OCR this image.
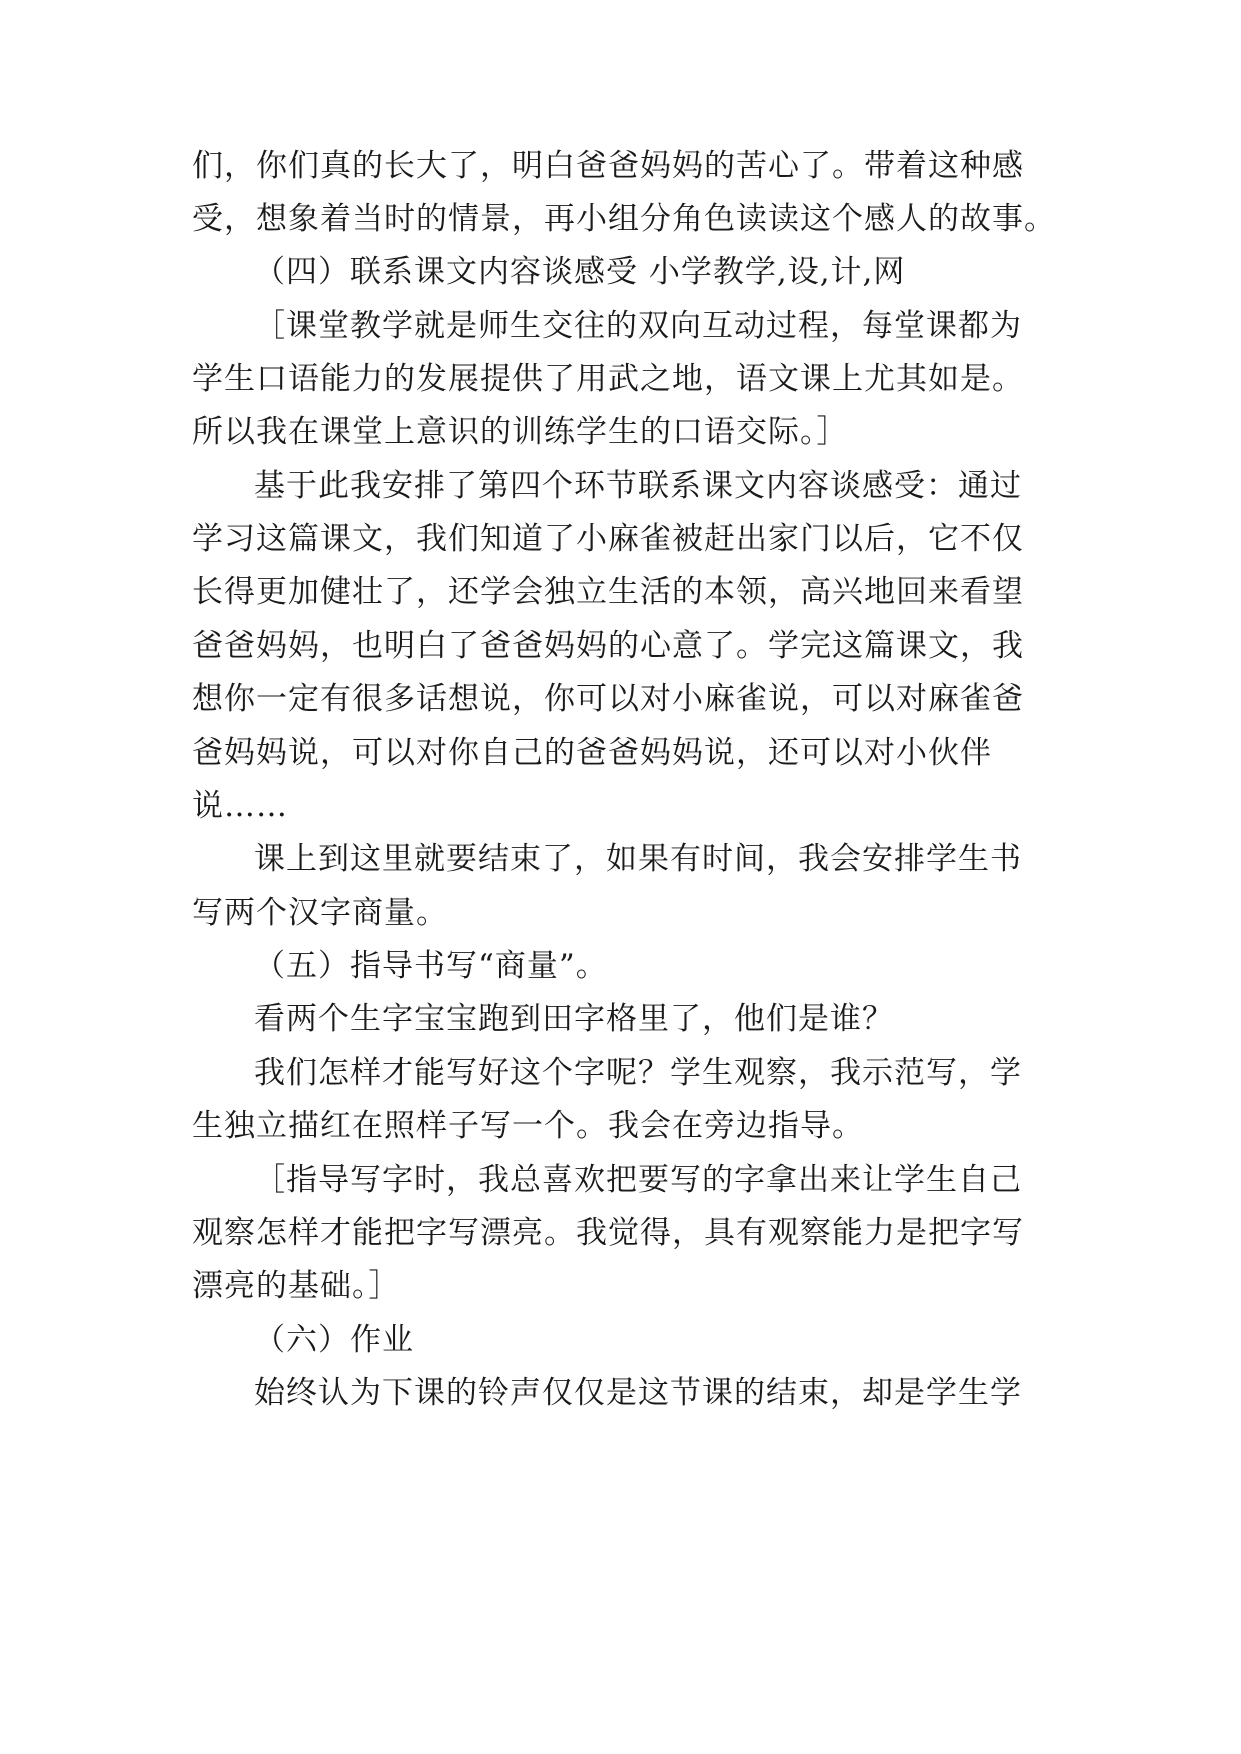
们，你们真的长大了，明白爸爸妈妈的苦心了。带着这种感
受，想象着当时的情景，再小组分角色读读这个感人的故事。
（四）联系课文内容谈感受 小学教学,设,计,网
［课堂教学就是师生交往的双向互动过程，每堂课都为
学生口语能力的发展提供了用武之地，语文课上尤其如是。
所以我在课堂上意识的训练学生的口语交际。］
基于此我安排了第四个环节联系课文内容谈感受：通过
学习这篇课文，我们知道了小麻雀被赶出家门以后，它不仅
长得更加健壮了，还学会独立生活的本领，高兴地回来看望
爸爸妈妈，也明白了爸爸妈妈的心意了。学完这篇课文，我
想你一定有很多话想说，你可以对小麻雀说，可以对麻雀爸
爸妈妈说，可以对你自己的爸爸妈妈说，还可以对小伙伴
说……
课上到这里就要结束了，如果有时间，我会安排学生书
写两个汉字商量。
（五）指导书写“商量”。
看两个生字宝宝跑到田字格里了，他们是谁？
我们怎样才能写好这个字呢？学生观察，我示范写，学
生独立描红在照样子写一个。我会在旁边指导。
［指导写字时，我总喜欢把要写的字拿出来让学生自己
观察怎样才能把字写漂亮。我觉得，具有观察能力是把字写
漂亮的基础。］
（六）作业
始终认为下课的铃声仅仅是这节课的结束，却是学生学
